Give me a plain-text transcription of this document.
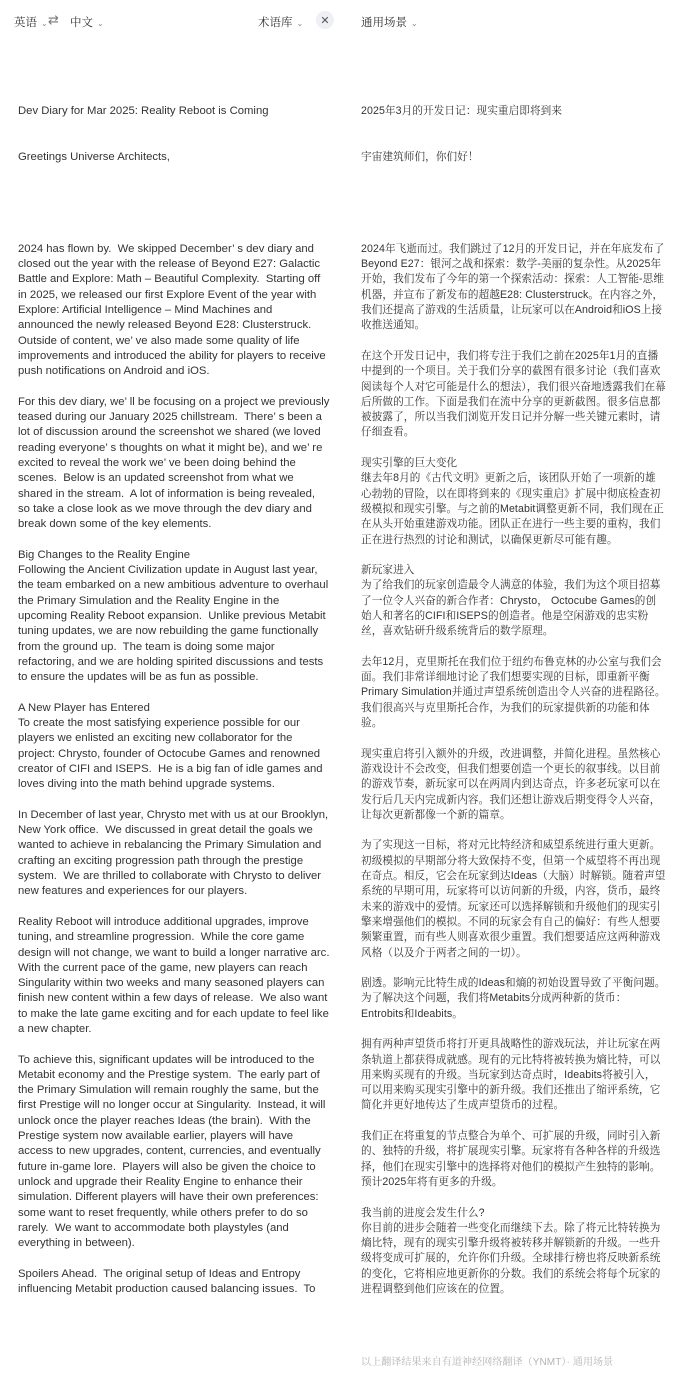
英语 ⌄ ⇄ 中文 ⌄	术语库 ⌄	✕	通用场景 ⌄

Dev Diary for Mar 2025: Reality Reboot is Coming

Greetings Universe Architects,

2024 has flown by.  We skipped December’ s dev diary and closed out the year with the release of Beyond E27: Galactic Battle and Explore: Math – Beautiful Complexity.  Starting off in 2025, we released our first Explore Event of the year with Explore: Artificial Intelligence – Mind Machines and announced the newly released Beyond E28: Clusterstruck.  Outside of content, we’ ve also made some quality of life improvements and introduced the ability for players to receive push notifications on Android and iOS.
For this dev diary, we’ ll be focusing on a project we previously teased during our January 2025 chillstream.  There’ s been a lot of discussion around the screenshot we shared (we loved reading everyone’ s thoughts on what it might be), and we’ re excited to reveal the work we’ ve been doing behind the scenes.  Below is an updated screenshot from what we shared in the stream.  A lot of information is being revealed, so take a close look as we move through the dev diary and break down some of the key elements.
Big Changes to the Reality Engine
Following the Ancient Civilization update in August last year, the team embarked on a new ambitious adventure to overhaul the Primary Simulation and the Reality Engine in the upcoming Reality Reboot expansion.  Unlike previous Metabit tuning updates, we are now rebuilding the game functionally from the ground up.  The team is doing some major refactoring, and we are holding spirited discussions and tests to ensure the updates will be as fun as possible.
A New Player has Entered
To create the most satisfying experience possible for our players we enlisted an exciting new collaborator for the project: Chrysto, founder of Octocube Games and renowned creator of CIFI and ISEPS.  He is a big fan of idle games and loves diving into the math behind upgrade systems.
In December of last year, Chrysto met with us at our Brooklyn, New York office.  We discussed in great detail the goals we wanted to achieve in rebalancing the Primary Simulation and crafting an exciting progression path through the prestige system.  We are thrilled to collaborate with Chrysto to deliver new features and experiences for our players.
Reality Reboot will introduce additional upgrades, improve tuning, and streamline progression.  While the core game design will not change, we want to build a longer narrative arc. With the current pace of the game, new players can reach Singularity within two weeks and many seasoned players can finish new content within a few days of release.  We also want to make the late game exciting and for each update to feel like a new chapter.
To achieve this, significant updates will be introduced to the Metabit economy and the Prestige system.  The early part of the Primary Simulation will remain roughly the same, but the first Prestige will no longer occur at Singularity.  Instead, it will unlock once the player reaches Ideas (the brain).  With the Prestige system now available earlier, players will have access to new upgrades, content, currencies, and eventually future in-game lore.  Players will also be given the choice to unlock and upgrade their Reality Engine to enhance their simulation. Different players will have their own preferences: some want to reset frequently, while others prefer to do so rarely.  We want to accommodate both playstyles (and everything in between).
Spoilers Ahead.  The original setup of Ideas and Entropy influencing Metabit production caused balancing issues.  To

2025年3月的开发日记：现实重启即将到来

宇宙建筑师们，你们好！

2024年飞逝而过。我们跳过了12月的开发日记，并在年底发布了Beyond E27：银河之战和探索：数学-美丽的复杂性。从2025年开始，我们发布了今年的第一个探索活动：探索：人工智能-思维机器，并宣布了新发布的超越E28: Clusterstruck。在内容之外，我们还提高了游戏的生活质量，让玩家可以在Android和iOS上接收推送通知。
在这个开发日记中，我们将专注于我们之前在2025年1月的直播中提到的一个项目。关于我们分享的截图有很多讨论（我们喜欢阅读每个人对它可能是什么的想法），我们很兴奋地透露我们在幕后所做的工作。下面是我们在流中分享的更新截图。很多信息都被披露了，所以当我们浏览开发日记并分解一些关键元素时，请仔细查看。
现实引擎的巨大变化
继去年8月的《古代文明》更新之后，该团队开始了一项新的雄心勃勃的冒险，以在即将到来的《现实重启》扩展中彻底检查初级模拟和现实引擎。与之前的Metabit调整更新不同，我们现在正在从头开始重建游戏功能。团队正在进行一些主要的重构，我们正在进行热烈的讨论和测试，以确保更新尽可能有趣。
新玩家进入
为了给我们的玩家创造最令人满意的体验，我们为这个项目招募了一位令人兴奋的新合作者：Chrysto， Octocube Games的创始人和著名的CIFI和ISEPS的创造者。他是空闲游戏的忠实粉丝，喜欢钻研升级系统背后的数学原理。
去年12月，克里斯托在我们位于纽约布鲁克林的办公室与我们会面。我们非常详细地讨论了我们想要实现的目标，即重新平衡Primary Simulation并通过声望系统创造出令人兴奋的进程路径。我们很高兴与克里斯托合作，为我们的玩家提供新的功能和体验。
现实重启将引入额外的升级，改进调整，并简化进程。虽然核心游戏设计不会改变，但我们想要创造一个更长的叙事线。以目前的游戏节奏，新玩家可以在两周内到达奇点，许多老玩家可以在发行后几天内完成新内容。我们还想让游戏后期变得令人兴奋，让每次更新都像一个新的篇章。
为了实现这一目标，将对元比特经济和威望系统进行重大更新。初级模拟的早期部分将大致保持不变，但第一个威望将不再出现在奇点。相反，它会在玩家到达Ideas（大脑）时解锁。随着声望系统的早期可用，玩家将可以访问新的升级，内容，货币，最终未来的游戏中的爱情。玩家还可以选择解锁和升级他们的现实引擎来增强他们的模拟。不同的玩家会有自己的偏好：有些人想要频繁重置，而有些人则喜欢很少重置。我们想要适应这两种游戏风格（以及介于两者之间的一切）。
剧透。影响元比特生成的Ideas和熵的初始设置导致了平衡问题。为了解决这个问题，我们将Metabits分成两种新的货币：Entrobits和Ideabits。
拥有两种声望货币将打开更具战略性的游戏玩法，并让玩家在两条轨道上都获得成就感。现有的元比特将被转换为熵比特，可以用来购买现有的升级。当玩家到达奇点时，Ideabits将被引入，可以用来购买现实引擎中的新升级。我们还推出了缩评系统，它简化并更好地传达了生成声望货币的过程。
我们正在将重复的节点整合为单个、可扩展的升级，同时引入新的、独特的升级，将扩展现实引擎。玩家将有各种各样的升级选择，他们在现实引擎中的选择将对他们的模拟产生独特的影响。预计2025年将有更多的升级。
我当前的进度会发生什么?
你目前的进步会随着一些变化而继续下去。除了将元比特转换为熵比特，现有的现实引擎升级将被转移并解锁新的升级。一些升级将变成可扩展的，允许你们升级。全球排行榜也将反映新系统的变化，它将相应地更新你的分数。我们的系统会将每个玩家的进程调整到他们应该在的位置。

以上翻译结果来自有道神经网络翻译（YNMT）· 通用场景
